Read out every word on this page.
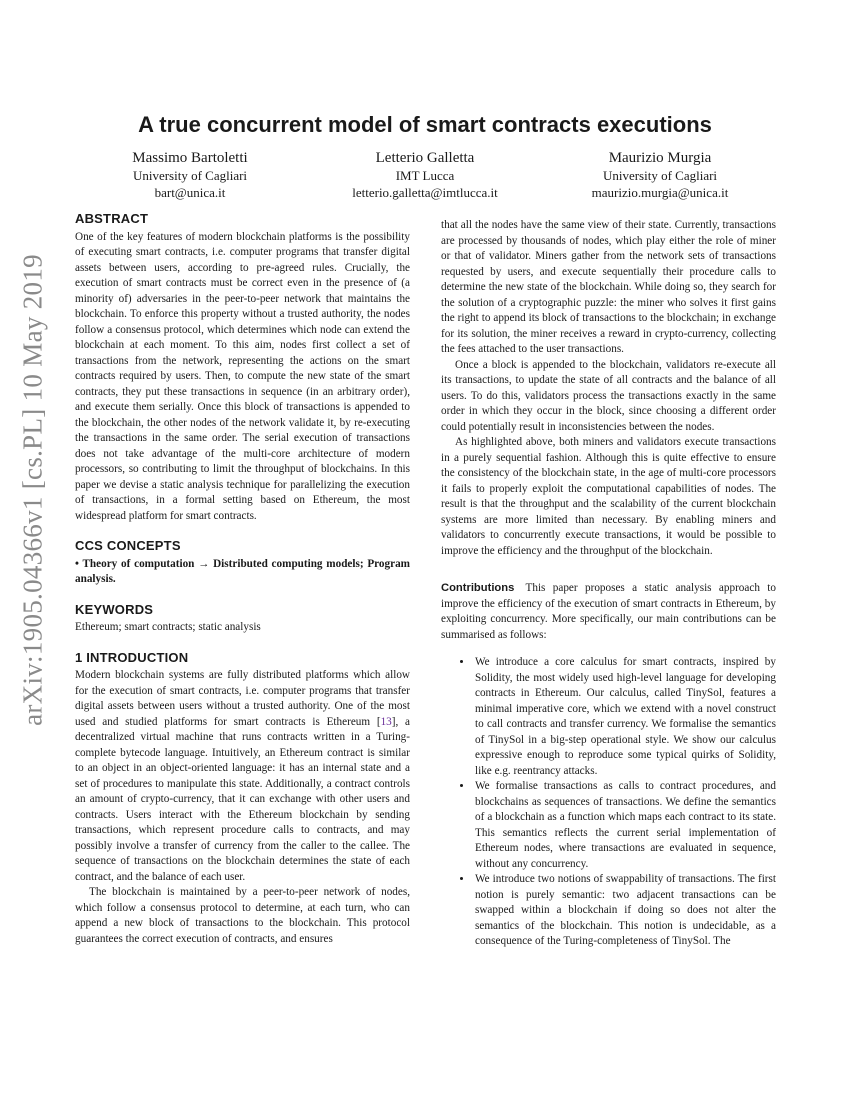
arXiv:1905.04366v1 [cs.PL] 10 May 2019
A true concurrent model of smart contracts executions
Massimo Bartoletti
University of Cagliari
bart@unica.it
Letterio Galletta
IMT Lucca
letterio.galletta@imtlucca.it
Maurizio Murgia
University of Cagliari
maurizio.murgia@unica.it
ABSTRACT

One of the key features of modern blockchain platforms is the possibility of executing smart contracts, i.e. computer programs that transfer digital assets between users, according to pre-agreed rules. Crucially, the execution of smart contracts must be correct even in the presence of (a minority of) adversaries in the peer-to-peer network that maintains the blockchain. To enforce this property without a trusted authority, the nodes follow a consensus protocol, which determines which node can extend the blockchain at each moment. To this aim, nodes first collect a set of transactions from the network, representing the actions on the smart contracts required by users. Then, to compute the new state of the smart contracts, they put these transactions in sequence (in an arbitrary order), and execute them serially. Once this block of transactions is appended to the blockchain, the other nodes of the network validate it, by re-executing the transactions in the same order. The serial execution of transactions does not take advantage of the multi-core architecture of modern processors, so contributing to limit the throughput of blockchains. In this paper we devise a static analysis technique for parallelizing the execution of transactions, in a formal setting based on Ethereum, the most widespread platform for smart contracts.

CCS CONCEPTS

• Theory of computation → Distributed computing models; Program analysis.

KEYWORDS

Ethereum; smart contracts; static analysis

1 INTRODUCTION

Modern blockchain systems are fully distributed platforms which allow for the execution of smart contracts, i.e. computer programs that transfer digital assets between users without a trusted authority. One of the most used and studied platforms for smart contracts is Ethereum [13], a decentralized virtual machine that runs contracts written in a Turing-complete bytecode language. Intuitively, an Ethereum contract is similar to an object in an object-oriented language: it has an internal state and a set of procedures to manipulate this state. Additionally, a contract controls an amount of crypto-currency, that it can exchange with other users and contracts. Users interact with the Ethereum blockchain by sending transactions, which represent procedure calls to contracts, and may possibly involve a transfer of currency from the caller to the callee. The sequence of transactions on the blockchain determines the state of each contract, and the balance of each user.

The blockchain is maintained by a peer-to-peer network of nodes, which follow a consensus protocol to determine, at each turn, who can append a new block of transactions to the blockchain. This protocol guarantees the correct execution of contracts, and ensures

that all the nodes have the same view of their state. Currently, transactions are processed by thousands of nodes, which play either the role of miner or that of validator. Miners gather from the network sets of transactions requested by users, and execute sequentially their procedure calls to determine the new state of the blockchain. While doing so, they search for the solution of a cryptographic puzzle: the miner who solves it first gains the right to append its block of transactions to the blockchain; in exchange for its solution, the miner receives a reward in crypto-currency, collecting the fees attached to the user transactions.

Once a block is appended to the blockchain, validators re-execute all its transactions, to update the state of all contracts and the balance of all users. To do this, validators process the transactions exactly in the same order in which they occur in the block, since choosing a different order could potentially result in inconsistencies between the nodes.

As highlighted above, both miners and validators execute transactions in a purely sequential fashion. Although this is quite effective to ensure the consistency of the blockchain state, in the age of multi-core processors it fails to properly exploit the computational capabilities of nodes. The result is that the throughput and the scalability of the current blockchain systems are more limited than necessary. By enabling miners and validators to concurrently execute transactions, it would be possible to improve the efficiency and the throughput of the blockchain.

Contributions This paper proposes a static analysis approach to improve the efficiency of the execution of smart contracts in Ethereum, by exploiting concurrency. More specifically, our main contributions can be summarised as follows:

• We introduce a core calculus for smart contracts, inspired by Solidity, the most widely used high-level language for developing contracts in Ethereum. Our calculus, called TinySol, features a minimal imperative core, which we extend with a novel construct to call contracts and transfer currency. We formalise the semantics of TinySol in a big-step operational style. We show our calculus expressive enough to reproduce some typical quirks of Solidity, like e.g. reentrancy attacks.
• We formalise transactions as calls to contract procedures, and blockchains as sequences of transactions. We define the semantics of a blockchain as a function which maps each contract to its state. This semantics reflects the current serial implementation of Ethereum nodes, where transactions are evaluated in sequence, without any concurrency.
• We introduce two notions of swappability of transactions. The first notion is purely semantic: two adjacent transactions can be swapped within a blockchain if doing so does not alter the semantics of the blockchain. This notion is undecidable, as a consequence of the Turing-completeness of TinySol. The
